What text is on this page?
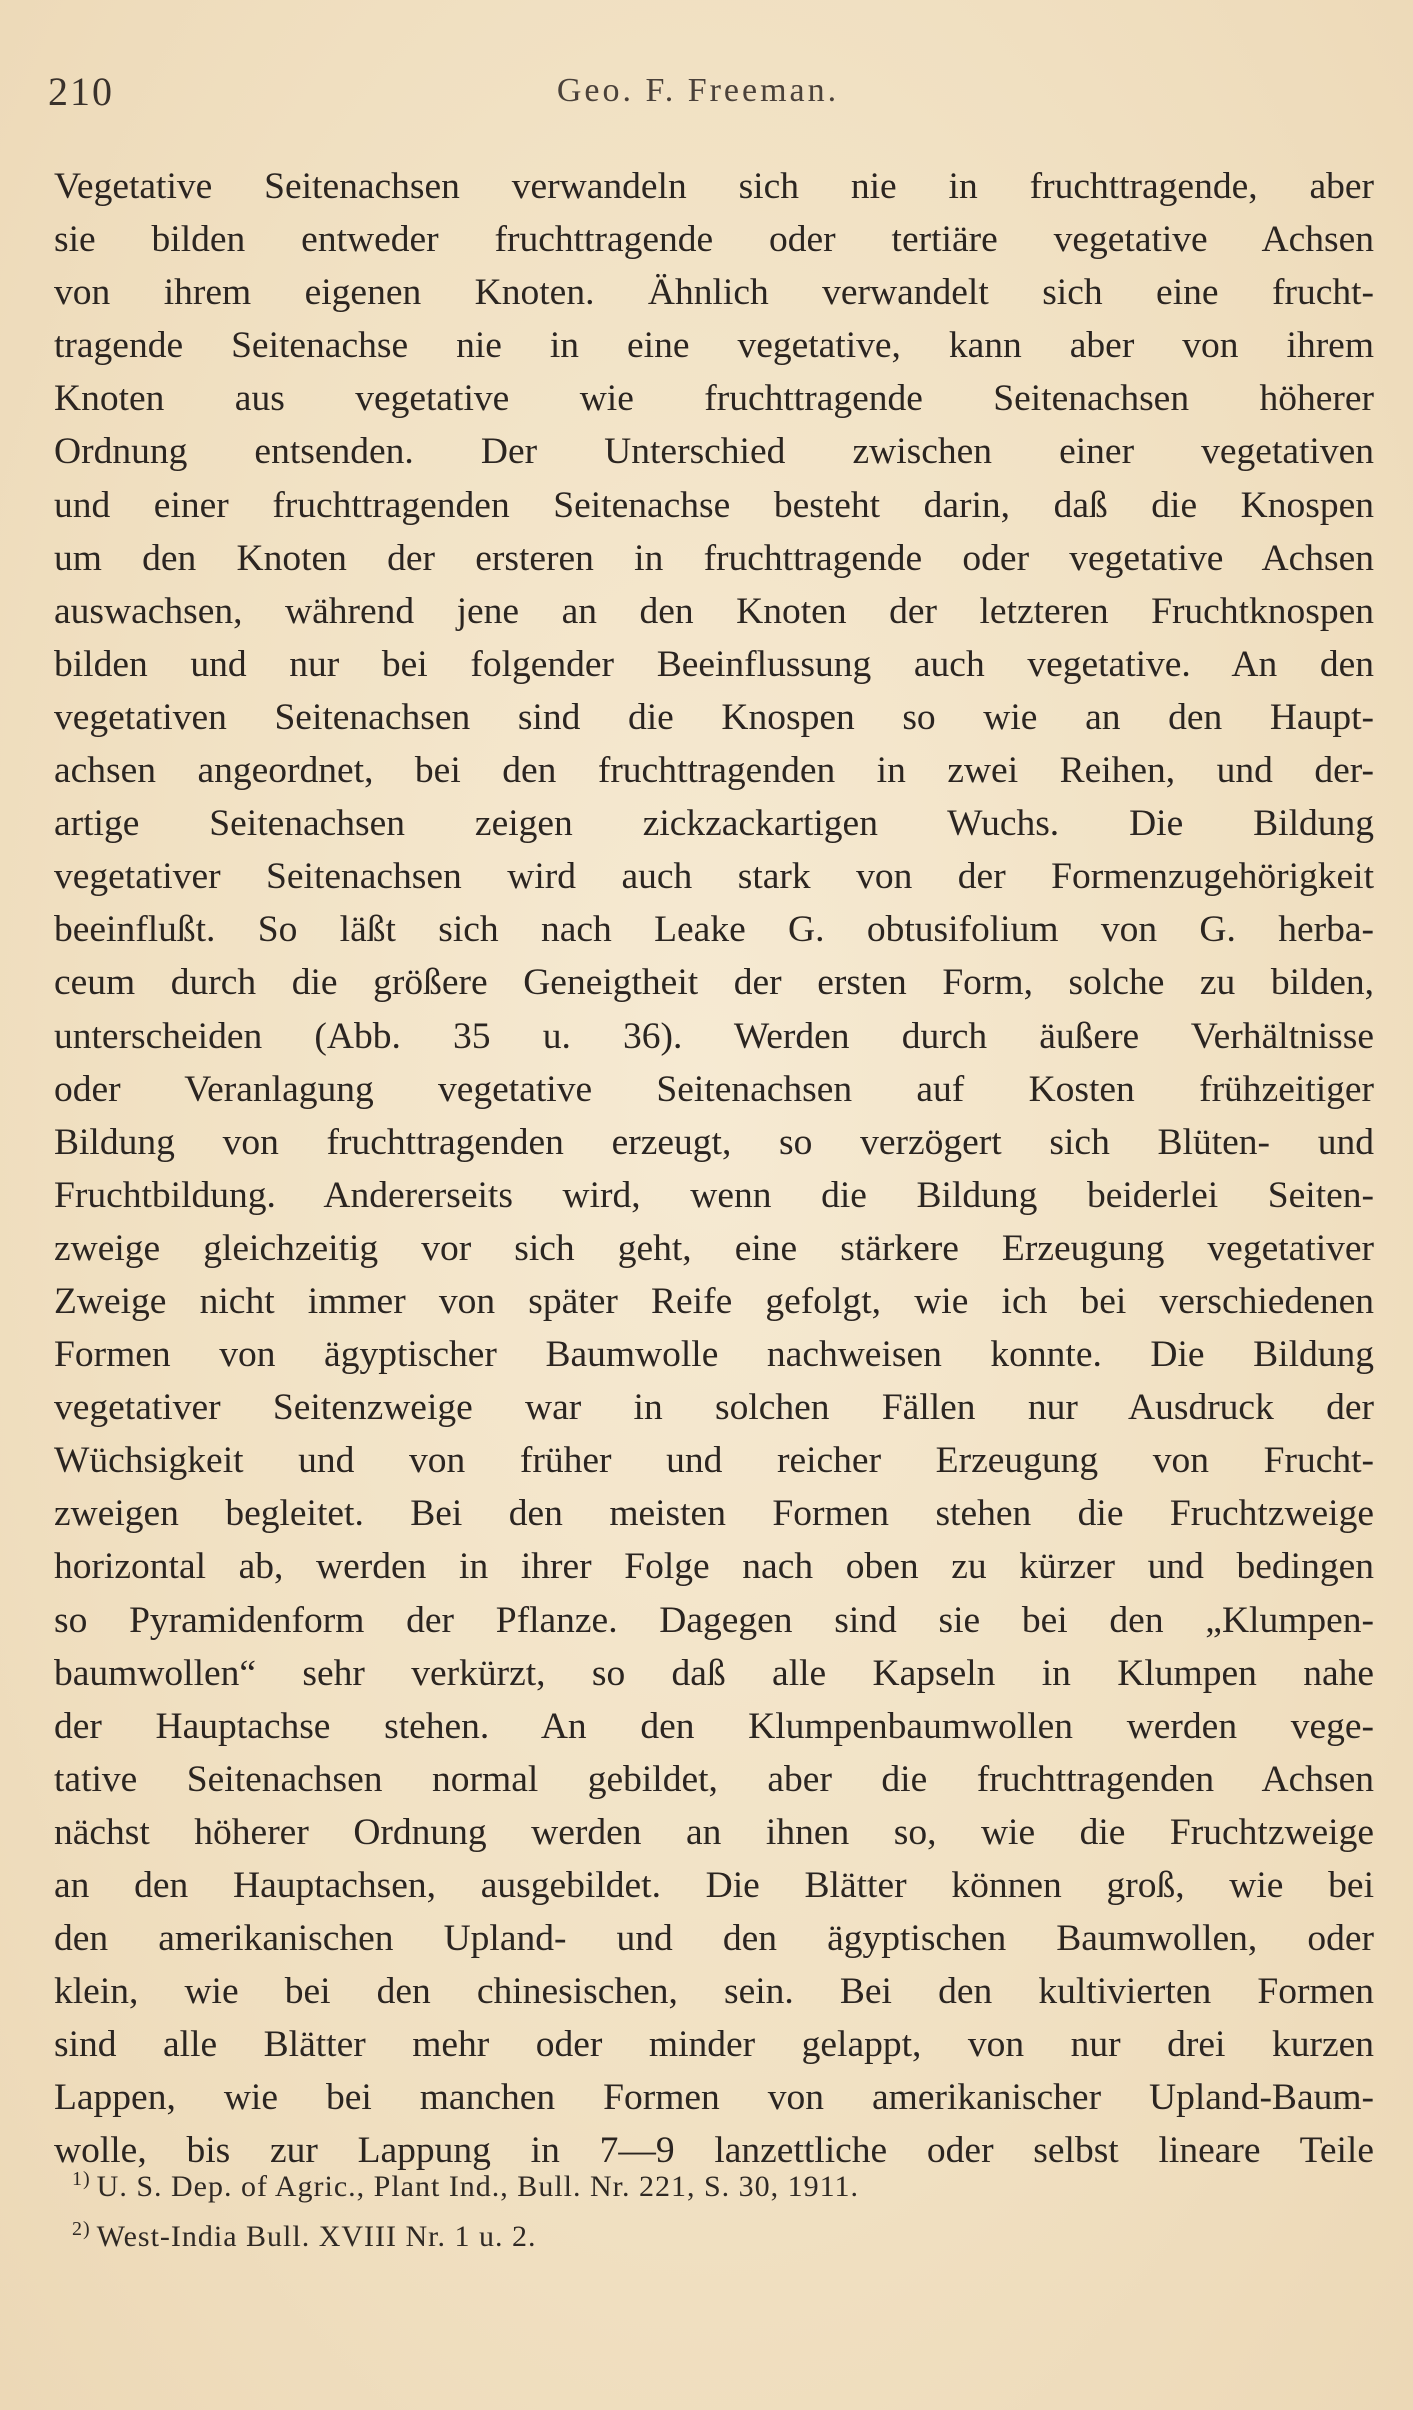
210	Geo. F. Freeman.

Vegetative Seitenachsen verwandeln sich nie in fruchttragende, aber
sie bilden entweder fruchttragende oder tertiäre vegetative Achsen
von ihrem eigenen Knoten. Ähnlich verwandelt sich eine frucht-
tragende Seitenachse nie in eine vegetative, kann aber von ihrem
Knoten aus vegetative wie fruchttragende Seitenachsen höherer
Ordnung entsenden. Der Unterschied zwischen einer vegetativen
und einer fruchttragenden Seitenachse besteht darin, daß die Knospen
um den Knoten der ersteren in fruchttragende oder vegetative Achsen
auswachsen, während jene an den Knoten der letzteren Fruchtknospen
bilden und nur bei folgender Beeinflussung auch vegetative. An den
vegetativen Seitenachsen sind die Knospen so wie an den Haupt-
achsen angeordnet, bei den fruchttragenden in zwei Reihen, und der-
artige Seitenachsen zeigen zickzackartigen Wuchs. Die Bildung
vegetativer Seitenachsen wird auch stark von der Formenzugehörigkeit
beeinflußt. So läßt sich nach Leake G. obtusifolium von G. herba-
ceum durch die größere Geneigtheit der ersten Form, solche zu bilden,
unterscheiden (Abb. 35 u. 36). Werden durch äußere Verhältnisse
oder Veranlagung vegetative Seitenachsen auf Kosten frühzeitiger
Bildung von fruchttragenden erzeugt, so verzögert sich Blüten- und
Fruchtbildung. Andererseits wird, wenn die Bildung beiderlei Seiten-
zweige gleichzeitig vor sich geht, eine stärkere Erzeugung vegetativer
Zweige nicht immer von später Reife gefolgt, wie ich bei verschiedenen
Formen von ägyptischer Baumwolle nachweisen konnte. Die Bildung
vegetativer Seitenzweige war in solchen Fällen nur Ausdruck der
Wüchsigkeit und von früher und reicher Erzeugung von Frucht-
zweigen begleitet. Bei den meisten Formen stehen die Fruchtzweige
horizontal ab, werden in ihrer Folge nach oben zu kürzer und bedingen
so Pyramidenform der Pflanze. Dagegen sind sie bei den „Klumpen-
baumwollen“ sehr verkürzt, so daß alle Kapseln in Klumpen nahe
der Hauptachse stehen. An den Klumpenbaumwollen werden vege-
tative Seitenachsen normal gebildet, aber die fruchttragenden Achsen
nächst höherer Ordnung werden an ihnen so, wie die Fruchtzweige
an den Hauptachsen, ausgebildet. Die Blätter können groß, wie bei
den amerikanischen Upland- und den ägyptischen Baumwollen, oder
klein, wie bei den chinesischen, sein. Bei den kultivierten Formen
sind alle Blätter mehr oder minder gelappt, von nur drei kurzen
Lappen, wie bei manchen Formen von amerikanischer Upland-Baum-
wolle, bis zur Lappung in 7—9 lanzettliche oder selbst lineare Teile

$^{1)}$ U. S. Dep. of Agric., Plant Ind., Bull. Nr. 221, S. 30, 1911.
$^{2)}$ West-India Bull. XVIII Nr. 1 u. 2.
